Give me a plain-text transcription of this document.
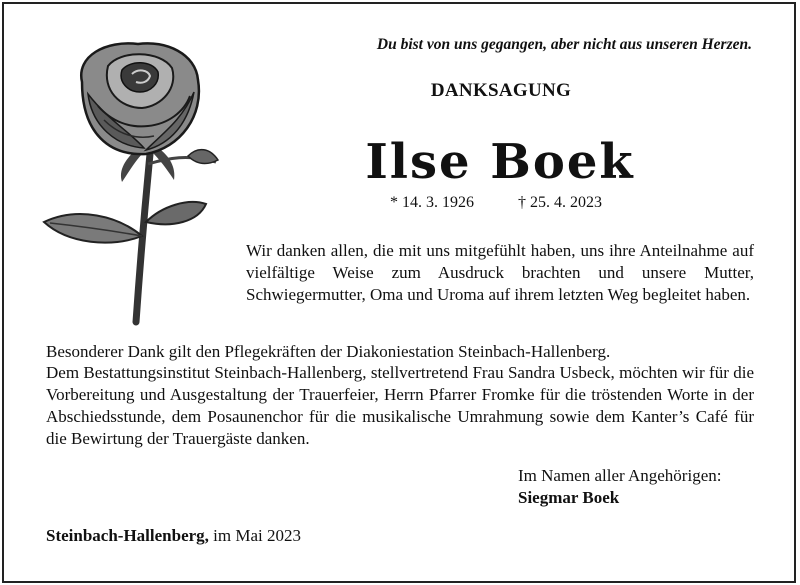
Du bist von uns gegangen, aber nicht aus unseren Herzen.
DANKSAGUNG
Ilse Boek
* 14. 3. 1926	† 25. 4. 2023
Wir danken allen, die mit uns mitgefühlt haben, uns ihre Anteilnahme auf vielfältige Weise zum Ausdruck brachten und unsere Mutter, Schwiegermutter, Oma und Uroma auf ihrem letzten Weg begleitet haben.
Besonderer Dank gilt den Pflegekräften der Diakoniestation Steinbach-Hallenberg.
Dem Bestattungsinstitut Steinbach-Hallenberg, stellvertretend Frau Sandra Usbeck, möchten wir für die Vorbereitung und Ausgestaltung der Trauerfeier, Herrn Pfarrer Fromke für die tröstenden Worte in der Abschiedsstunde, dem Posaunenchor für die musikalische Umrahmung sowie dem Kanter’s Café für die Bewirtung der Trauergäste danken.
Im Namen aller Angehörigen:
Siegmar Boek
Steinbach-Hallenberg, im Mai 2023
